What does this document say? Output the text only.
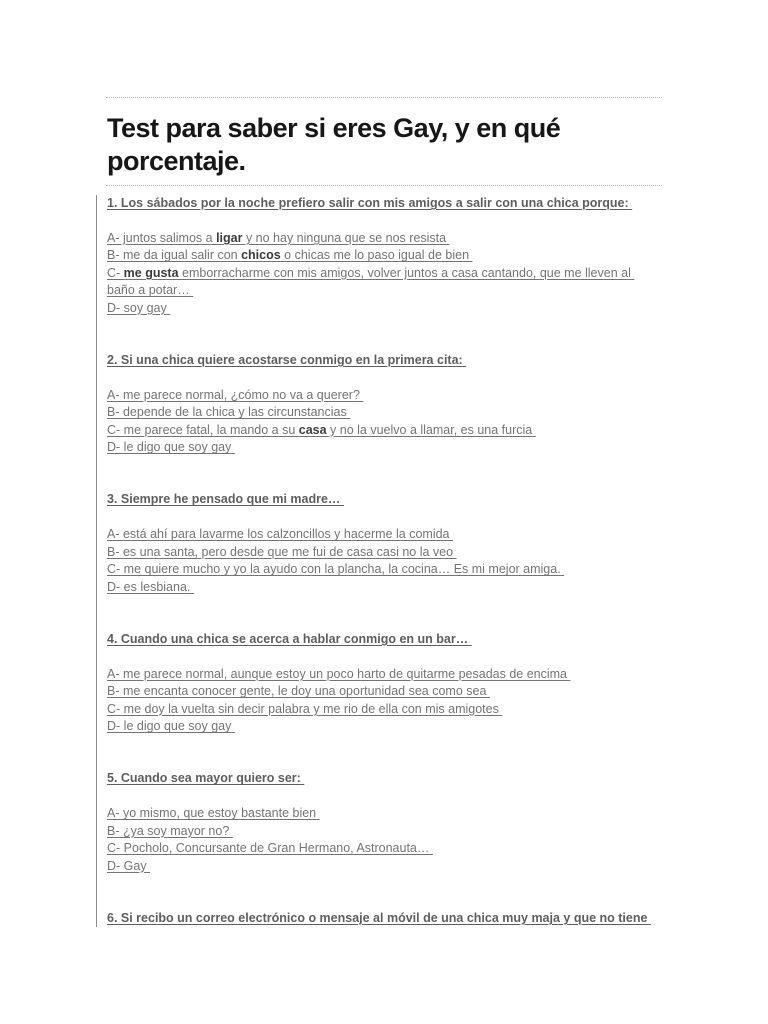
Test para saber si eres Gay, y en qué porcentaje.
1. Los sábados por la noche prefiero salir con mis amigos a salir con una chica porque:
A- juntos salimos a ligar y no hay ninguna que se nos resista
B- me da igual salir con chicos o chicas me lo paso igual de bien
C- me gusta emborracharme con mis amigos, volver juntos a casa cantando, que me lleven al
baño a potar…
D- soy gay
2. Si una chica quiere acostarse conmigo en la primera cita:
A- me parece normal, ¿cómo no va a querer?
B- depende de la chica y las circunstancias
C- me parece fatal, la mando a su casa y no la vuelvo a llamar, es una furcia
D- le digo que soy gay
3. Siempre he pensado que mi madre…
A- está ahí para lavarme los calzoncillos y hacerme la comida
B- es una santa, pero desde que me fui de casa casi no la veo
C- me quiere mucho y yo la ayudo con la plancha, la cocina… Es mi mejor amiga.
D- es lesbiana.
4. Cuando una chica se acerca a hablar conmigo en un bar…
A- me parece normal, aunque estoy un poco harto de quitarme pesadas de encima
B- me encanta conocer gente, le doy una oportunidad sea como sea
C- me doy la vuelta sin decir palabra y me rio de ella con mis amigotes
D- le digo que soy gay
5. Cuando sea mayor quiero ser:
A- yo mismo, que estoy bastante bien
B- ¿ya soy mayor no?
C- Pocholo, Concursante de Gran Hermano, Astronauta…
D- Gay
6. Si recibo un correo electrónico o mensaje al móvil de una chica muy maja y que no tiene
